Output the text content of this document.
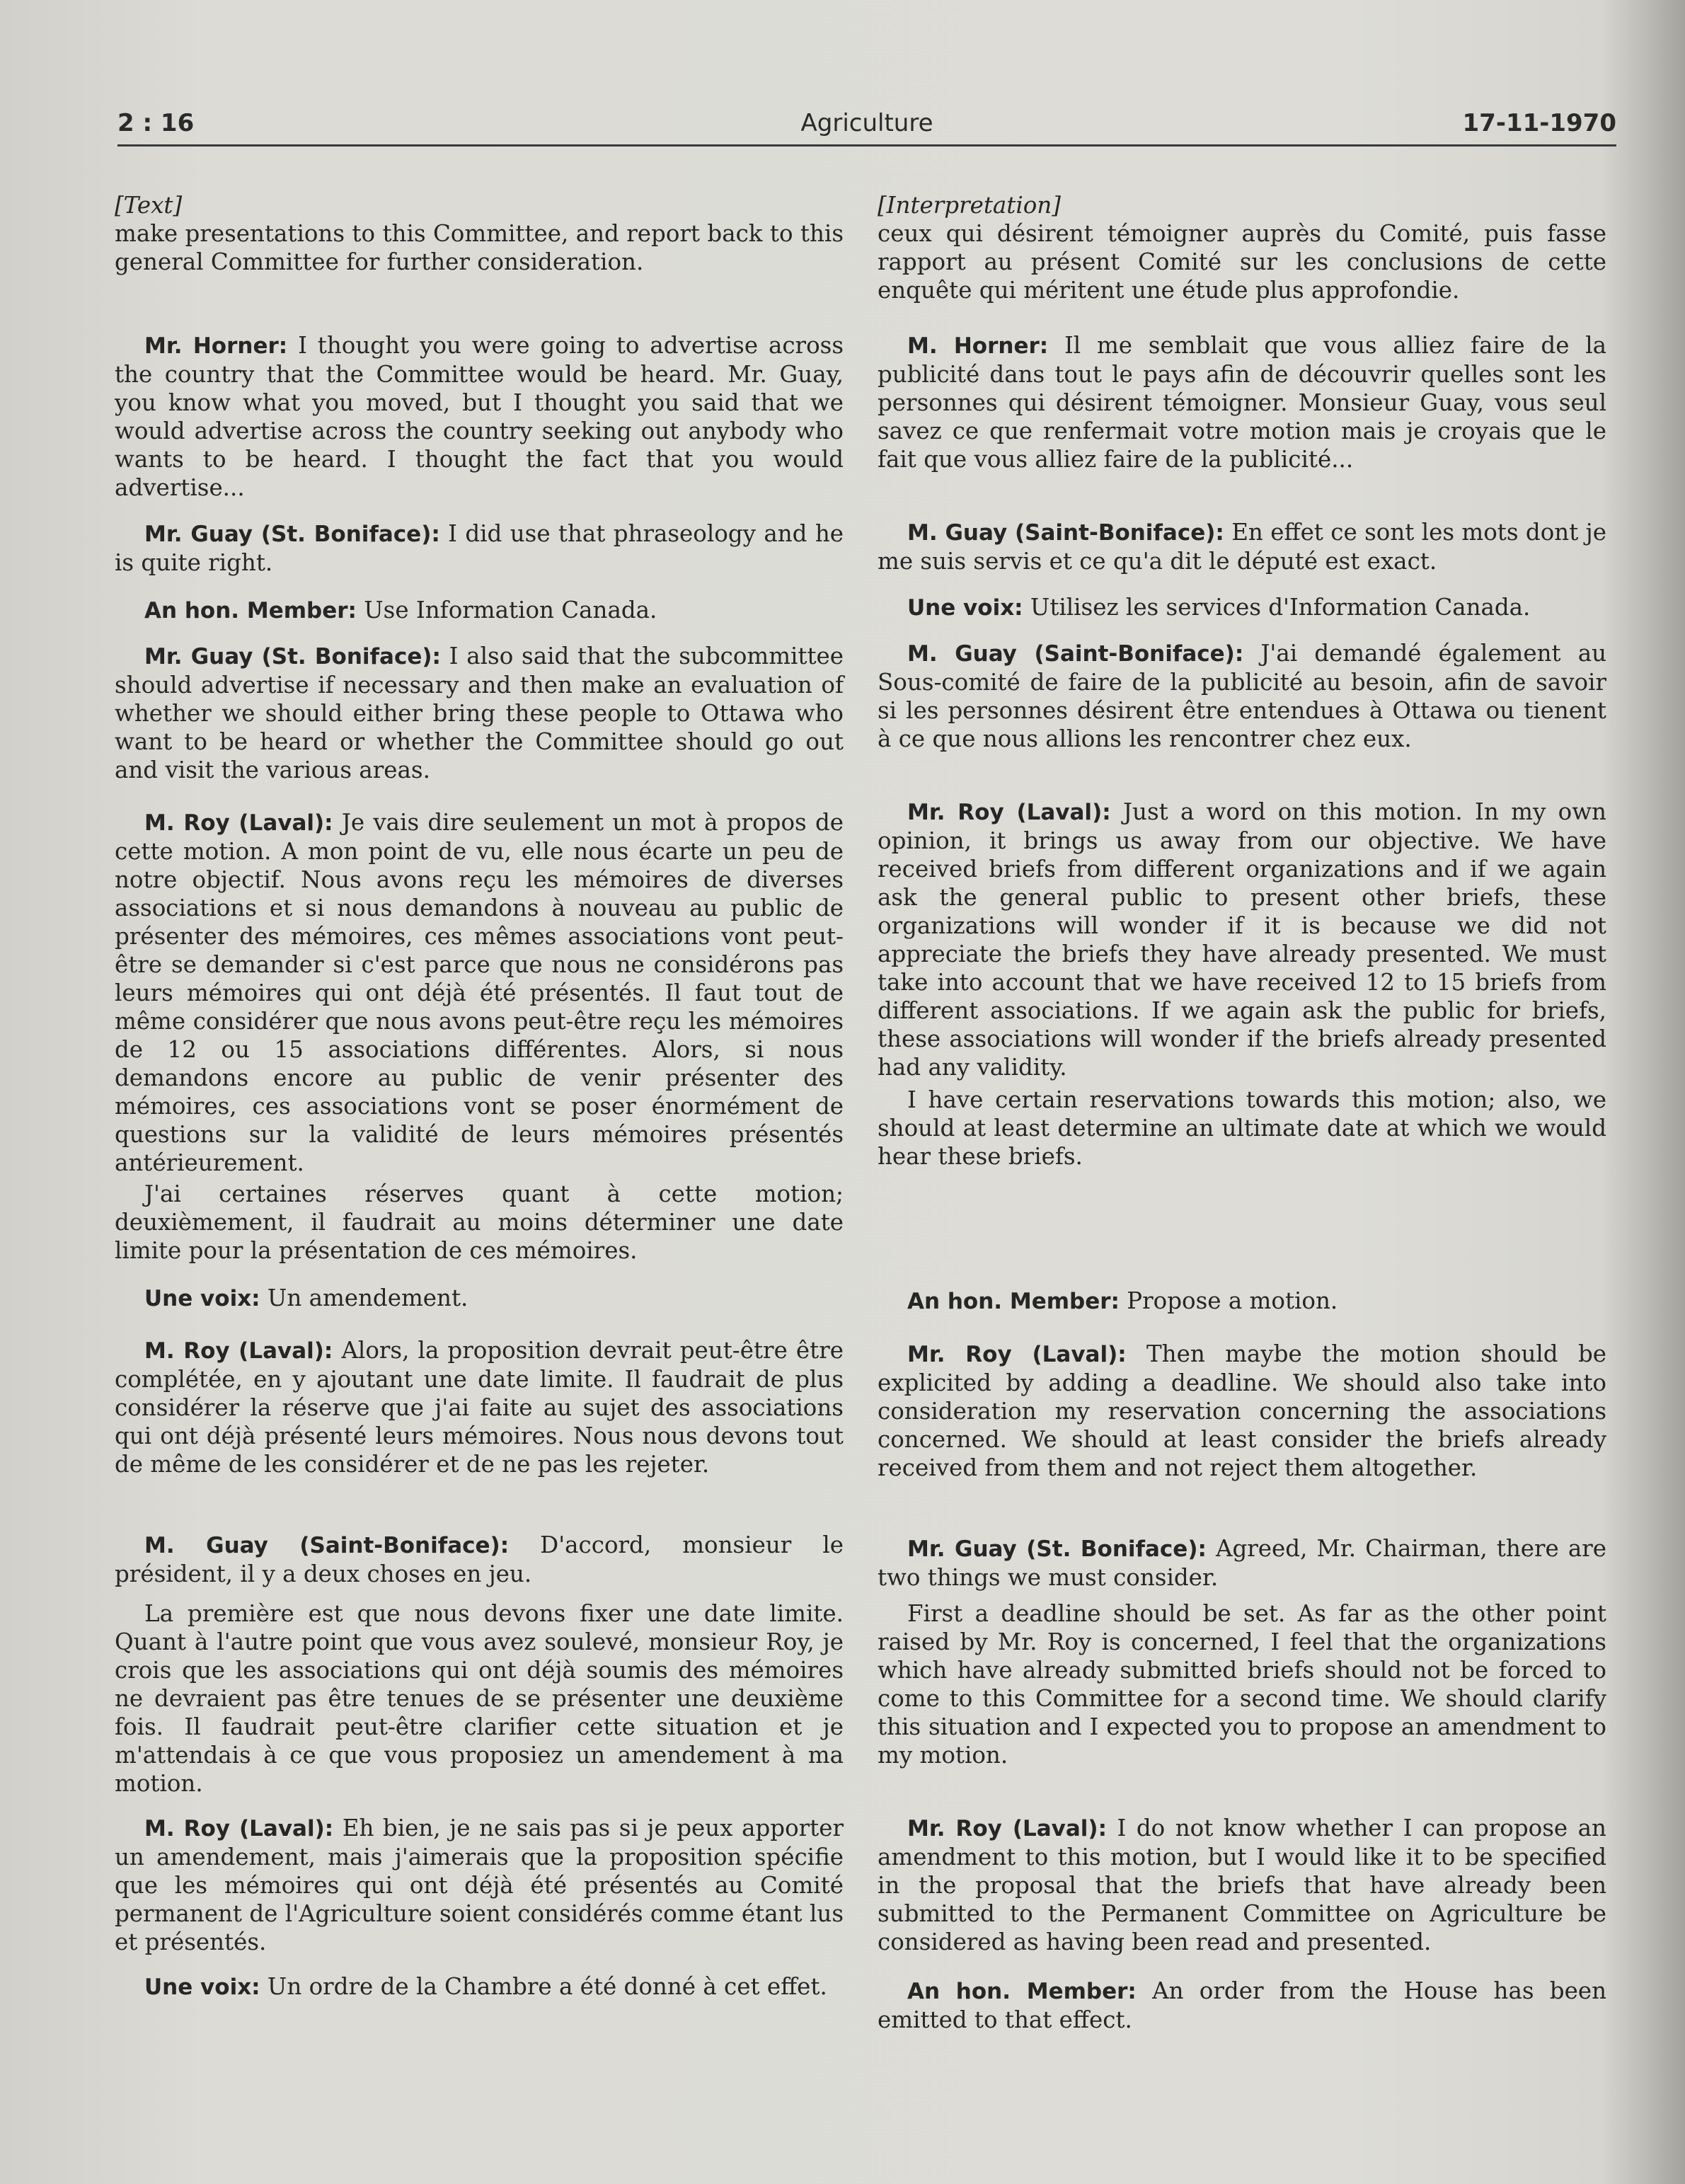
2 : 16	Agriculture	17-11-1970
[Text]
make presentations to this Committee, and report back to this general Committee for further consideration.
Mr. Horner: I thought you were going to advertise across the country that the Committee would be heard. Mr. Guay, you know what you moved, but I thought you said that we would advertise across the country seeking out anybody who wants to be heard. I thought the fact that you would advertise...
Mr. Guay (St. Boniface): I did use that phraseology and he is quite right.
An hon. Member: Use Information Canada.
Mr. Guay (St. Boniface): I also said that the subcommittee should advertise if necessary and then make an evaluation of whether we should either bring these people to Ottawa who want to be heard or whether the Committee should go out and visit the various areas.
M. Roy (Laval): Je vais dire seulement un mot à propos de cette motion. A mon point de vu, elle nous écarte un peu de notre objectif. Nous avons reçu les mémoires de diverses associations et si nous demandons à nouveau au public de présenter des mémoires, ces mêmes associations vont peut-être se demander si c'est parce que nous ne considérons pas leurs mémoires qui ont déjà été présentés. Il faut tout de même considérer que nous avons peut-être reçu les mémoires de 12 ou 15 associations différentes. Alors, si nous demandons encore au public de venir présenter des mémoires, ces associations vont se poser énormément de questions sur la validité de leurs mémoires présentés antérieurement.
J'ai certaines réserves quant à cette motion; deuxièmement, il faudrait au moins déterminer une date limite pour la présentation de ces mémoires.
Une voix: Un amendement.
M. Roy (Laval): Alors, la proposition devrait peut-être être complétée, en y ajoutant une date limite. Il faudrait de plus considérer la réserve que j'ai faite au sujet des associations qui ont déjà présenté leurs mémoires. Nous nous devons tout de même de les considérer et de ne pas les rejeter.
M. Guay (Saint-Boniface): D'accord, monsieur le président, il y a deux choses en jeu.
La première est que nous devons fixer une date limite. Quant à l'autre point que vous avez soulevé, monsieur Roy, je crois que les associations qui ont déjà soumis des mémoires ne devraient pas être tenues de se présenter une deuxième fois. Il faudrait peut-être clarifier cette situation et je m'attendais à ce que vous proposiez un amendement à ma motion.
M. Roy (Laval): Eh bien, je ne sais pas si je peux apporter un amendement, mais j'aimerais que la proposition spécifie que les mémoires qui ont déjà été présentés au Comité permanent de l'Agriculture soient considérés comme étant lus et présentés.
Une voix: Un ordre de la Chambre a été donné à cet effet.
[Interpretation]
ceux qui désirent témoigner auprès du Comité, puis fasse rapport au présent Comité sur les conclusions de cette enquête qui méritent une étude plus approfondie.
M. Horner: Il me semblait que vous alliez faire de la publicité dans tout le pays afin de découvrir quelles sont les personnes qui désirent témoigner. Monsieur Guay, vous seul savez ce que renfermait votre motion mais je croyais que le fait que vous alliez faire de la publicité...
M. Guay (Saint-Boniface): En effet ce sont les mots dont je me suis servis et ce qu'a dit le député est exact.
Une voix: Utilisez les services d'Information Canada.
M. Guay (Saint-Boniface): J'ai demandé également au Sous-comité de faire de la publicité au besoin, afin de savoir si les personnes désirent être entendues à Ottawa ou tienent à ce que nous allions les rencontrer chez eux.
Mr. Roy (Laval): Just a word on this motion. In my own opinion, it brings us away from our objective. We have received briefs from different organizations and if we again ask the general public to present other briefs, these organizations will wonder if it is because we did not appreciate the briefs they have already presented. We must take into account that we have received 12 to 15 briefs from different associations. If we again ask the public for briefs, these associations will wonder if the briefs already presented had any validity.
I have certain reservations towards this motion; also, we should at least determine an ultimate date at which we would hear these briefs.
An hon. Member: Propose a motion.
Mr. Roy (Laval): Then maybe the motion should be explicited by adding a deadline. We should also take into consideration my reservation concerning the associations concerned. We should at least consider the briefs already received from them and not reject them altogether.
Mr. Guay (St. Boniface): Agreed, Mr. Chairman, there are two things we must consider.
First a deadline should be set. As far as the other point raised by Mr. Roy is concerned, I feel that the organizations which have already submitted briefs should not be forced to come to this Committee for a second time. We should clarify this situation and I expected you to propose an amendment to my motion.
Mr. Roy (Laval): I do not know whether I can propose an amendment to this motion, but I would like it to be specified in the proposal that the briefs that have already been submitted to the Permanent Committee on Agriculture be considered as having been read and presented.
An hon. Member: An order from the House has been emitted to that effect.
